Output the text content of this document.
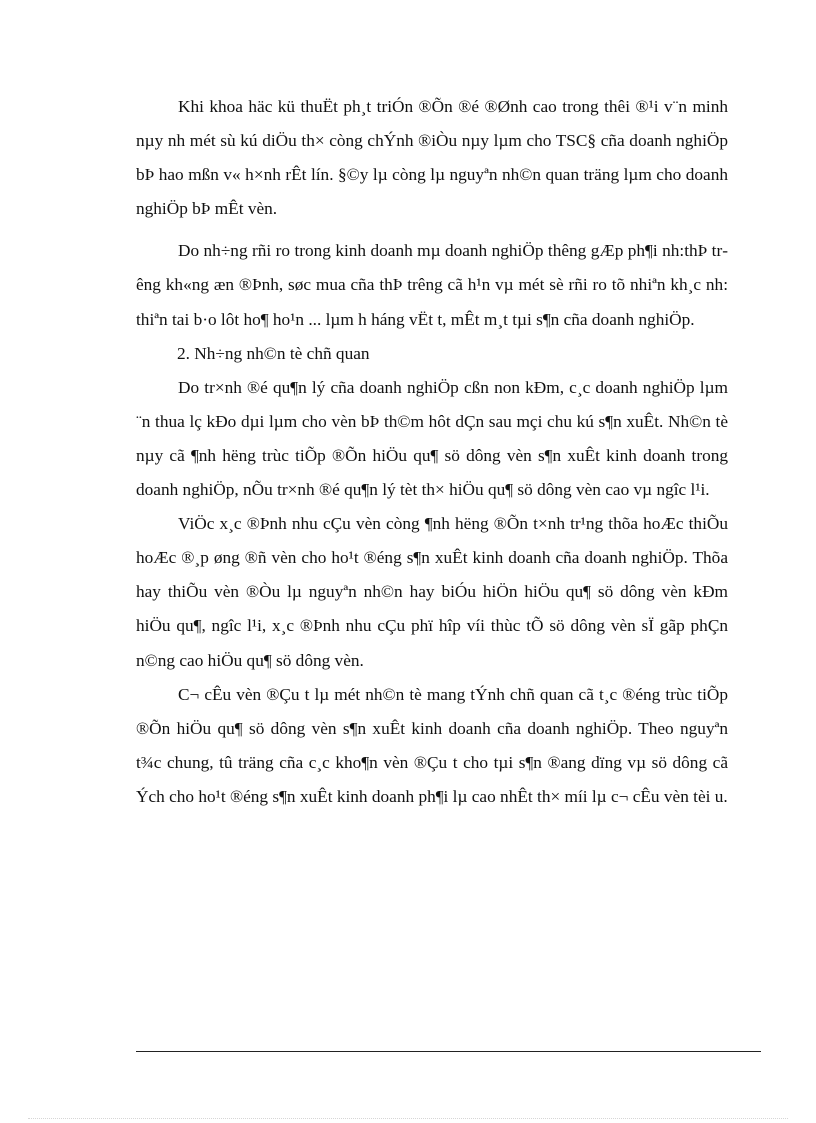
Khi khoa häc kü thuËt ph¸t triÓn ®Õn ®é ®Ønh cao trong thêi ®¹i v¨n minh nµy nh mét sù kú diÖu th× còng chÝnh ®iÒu nµy lµm cho TSC§ cña doanh nghiÖp bÞ hao mßn v« h×nh rÊt lín. §©y lµ còng lµ nguyªn nh©n quan träng lµm cho doanh nghiÖp bÞ mÊt vèn.

Do nh÷ng rñi ro trong kinh doanh mµ doanh nghiÖp thêng gÆp ph¶i nh:thÞ trêng kh«ng æn ®Þnh, søc mua cña thÞ trêng cã h¹n vµ mét sè rñi ro tõ nhiªn kh¸c nh: thiªn tai b·o lôt ho¶ ho¹n ... lµm h háng vËt t, mÊt m¸t tµi s¶n cña doanh nghiÖp.

2. Nh÷ng nh©n tè chñ quan

Do tr×nh ®é qu¶n lý cña doanh nghiÖp cßn non kÐm, c¸c doanh nghiÖp lµm ¨n thua lç kÐo dµi lµm cho vèn bÞ th©m hôt dÇn sau mçi chu kú s¶n xuÊt. Nh©n tè nµy cã ¶nh hëng trùc tiÕp ®Õn hiÖu qu¶ sö dông vèn s¶n xuÊt kinh doanh trong doanh nghiÖp, nÕu tr×nh ®é qu¶n lý tèt th× hiÖu qu¶ sö dông vèn cao vµ ngîc l¹i.

ViÖc x¸c ®Þnh nhu cÇu vèn còng ¶nh hëng ®Õn t×nh tr¹ng thõa hoÆc thiÕu hoÆc ®¸p øng ®ñ vèn cho ho¹t ®éng s¶n xuÊt kinh doanh cña doanh nghiÖp. Thõa hay thiÕu vèn ®Òu lµ nguyªn nh©n hay biÓu hiÖn hiÖu qu¶ sö dông vèn kÐm hiÖu qu¶, ngîc l¹i, x¸c ®Þnh nhu cÇu phï hîp víi thùc tÕ sö dông vèn sÏ gãp phÇn n©ng cao hiÖu qu¶ sö dông vèn.

C¬ cÊu vèn ®Çu t lµ mét nh©n tè mang tÝnh chñ quan cã t¸c ®éng trùc tiÕp ®Õn hiÖu qu¶ sö dông vèn s¶n xuÊt kinh doanh cña doanh nghiÖp. Theo nguyªn t¾c chung, tû träng cña c¸c kho¶n vèn ®Çu t cho tµi s¶n ®ang dïng vµ sö dông cã Ých cho ho¹t ®éng s¶n xuÊt kinh doanh ph¶i lµ cao nhÊt th× míi lµ c¬ cÊu vèn tèi u.
